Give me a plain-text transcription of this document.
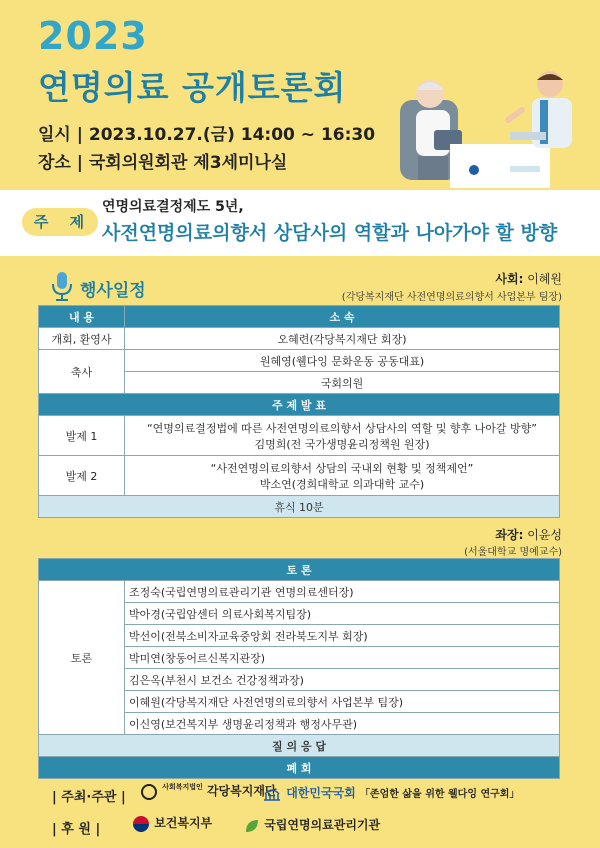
2023
연명의료 공개토론회
일시 | 2023.10.27.(금) 14:00 ~ 16:30
장소 | 국회의원회관 제3세미나실
주 제
연명의료결정제도 5년,
사전연명의료의향서 상담사의 역할과 나아가야 할 방향
행사일정
사회: 이혜원
(각당복지재단 사전연명의료의향서 사업본부 팀장)
내 용	소 속
개회, 환영사	오혜련(각당복지재단 회장)
축사	원혜영(웰다잉 문화운동 공동대표)
	국회의원
주 제 발 표	
발제 1	“연명의료결정법에 따른 사전연명의료의향서 상담사의 역할 및 향후 나아갈 방향”
김명희(전 국가생명윤리정책원 원장)

발제 2	“사전연명의료의향서 상담의 국내외 현황 및 정책제언”
박소연(경희대학교 의과대학 교수)

휴식 10분	
좌장: 이윤성
(서울대학교 명예교수)
토 론
토론	조정숙(국립연명의료관리기관 연명의료센터장)
박아경(국립암센터 의료사회복지팀장)
박선이(전북소비자교육중앙회 전라북도지부 회장)
박미연(창동어르신복지관장)
김은옥(부천시 보건소 건강정책과장)
이혜원(각당복지재단 사전연명의료의향서 사업본부 팀장)
이신영(보건복지부 생명윤리정책과 행정사무관)
질 의 응 답
폐 회
| 주최·주관 |
사회복지법인 각당복지재단 대한민국국회 「존엄한 삶을 위한 웰다잉 연구회」
| 후 원 |	보건복지부	국립연명의료관리기관
